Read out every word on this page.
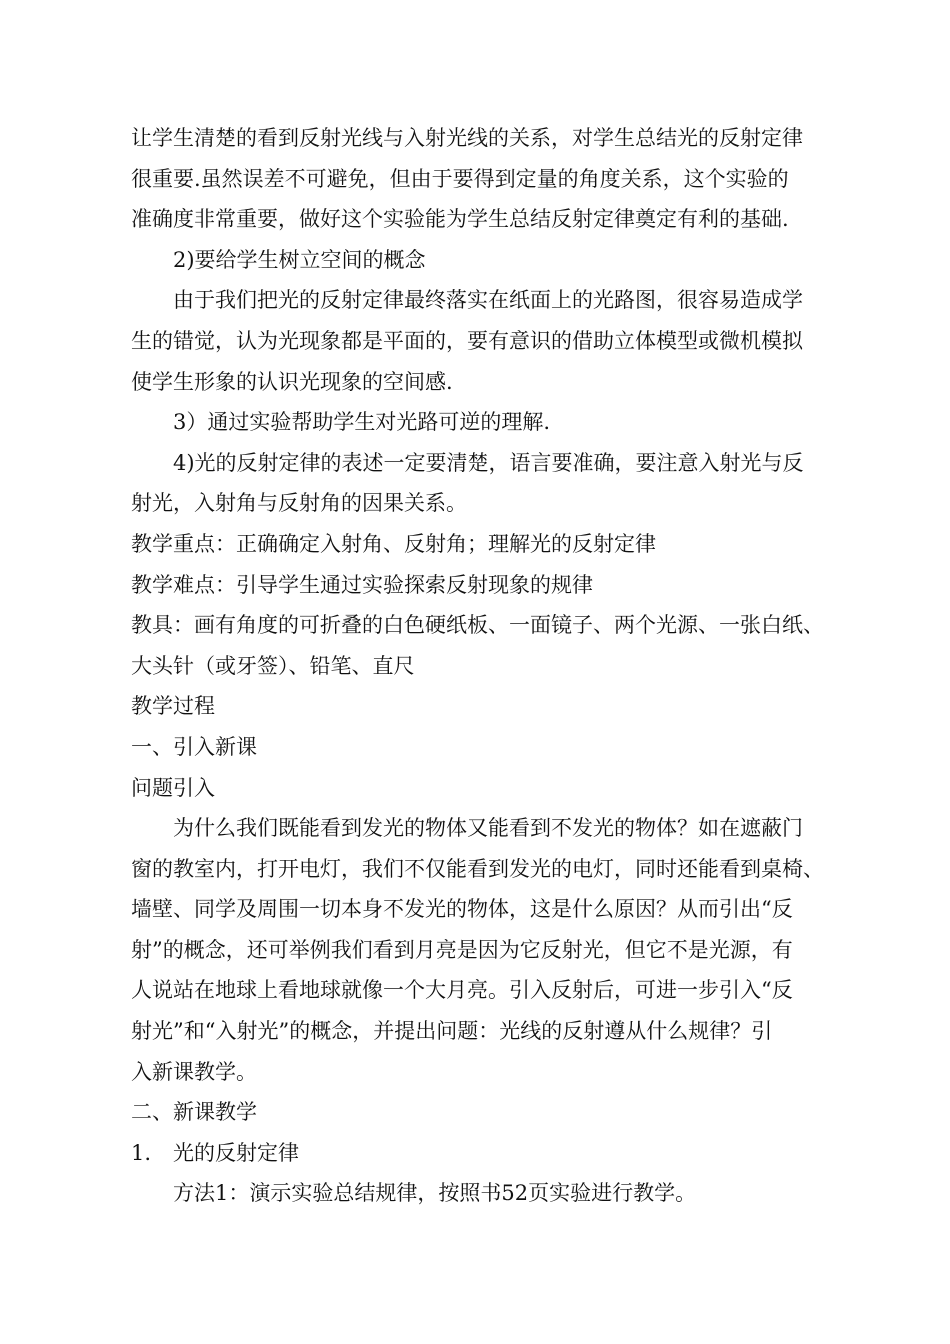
让学生清楚的看到反射光线与入射光线的关系，对学生总结光的反射定律
很重要.虽然误差不可避免，但由于要得到定量的角度关系，这个实验的
准确度非常重要，做好这个实验能为学生总结反射定律奠定有利的基础.
2)要给学生树立空间的概念
由于我们把光的反射定律最终落实在纸面上的光路图，很容易造成学
生的错觉，认为光现象都是平面的，要有意识的借助立体模型或微机模拟
使学生形象的认识光现象的空间感.
3）通过实验帮助学生对光路可逆的理解.
4)光的反射定律的表述一定要清楚，语言要准确，要注意入射光与反
射光，入射角与反射角的因果关系。
教学重点：正确确定入射角、反射角；理解光的反射定律
教学难点：引导学生通过实验探索反射现象的规律
教具：画有角度的可折叠的白色硬纸板、一面镜子、两个光源、一张白纸、
大头针（或牙签）、铅笔、直尺
教学过程
一、引入新课
问题引入
为什么我们既能看到发光的物体又能看到不发光的物体？如在遮蔽门
窗的教室内，打开电灯，我们不仅能看到发光的电灯，同时还能看到桌椅、
墙壁、同学及周围一切本身不发光的物体，这是什么原因？从而引出“反
射”的概念，还可举例我们看到月亮是因为它反射光，但它不是光源，有
人说站在地球上看地球就像一个大月亮。引入反射后，可进一步引入“反
射光”和“入射光”的概念，并提出问题：光线的反射遵从什么规律？引
入新课教学。
二、新课教学
1. 光的反射定律
方法1：演示实验总结规律，按照书52页实验进行教学。
